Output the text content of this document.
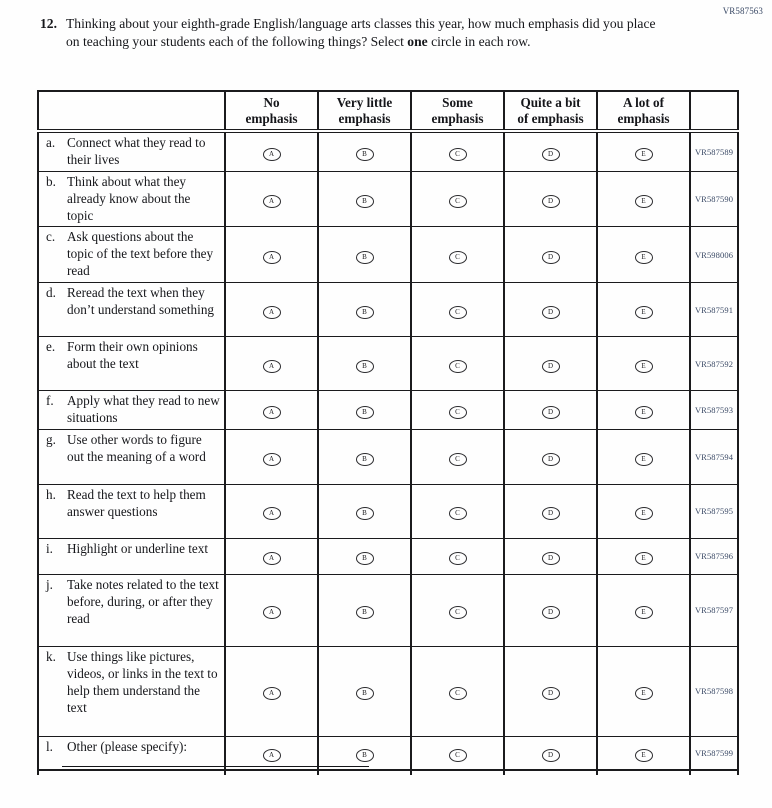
VR587563
12. Thinking about your eighth-grade English/language arts classes this year, how much emphasis did you place on teaching your students each of the following things? Select one circle in each row.

No
emphasis

Very little
emphasis

Some
emphasis

Quite a bit
of emphasis

A lot of
emphasis

a. Connect what they read to their lives	A	B	C	D	E	VR587589

b. Think about what they already know about the topic	A	B	C	D	E	VR587590

c. Ask questions about the topic of the text before they read	A	B	C	D	E	VR598006

d. Reread the text when they don’t understand something	A	B	C	D	E	VR587591

e. Form their own opinions about the text	A	B	C	D	E	VR587592

f. Apply what they read to new situations	A	B	C	D	E	VR587593

g. Use other words to figure out the meaning of a word	A	B	C	D	E	VR587594

h. Read the text to help them answer questions	A	B	C	D	E	VR587595

i. Highlight or underline text	A	B	C	D	E	VR587596

j. Take notes related to the text before, during, or after they read	A	B	C	D	E	VR587597

k. Use things like pictures, videos, or links in the text to help them understand the text	A	B	C	D	E	VR587598

l. Other (please specify):	A	B	C	D	E	VR587599
